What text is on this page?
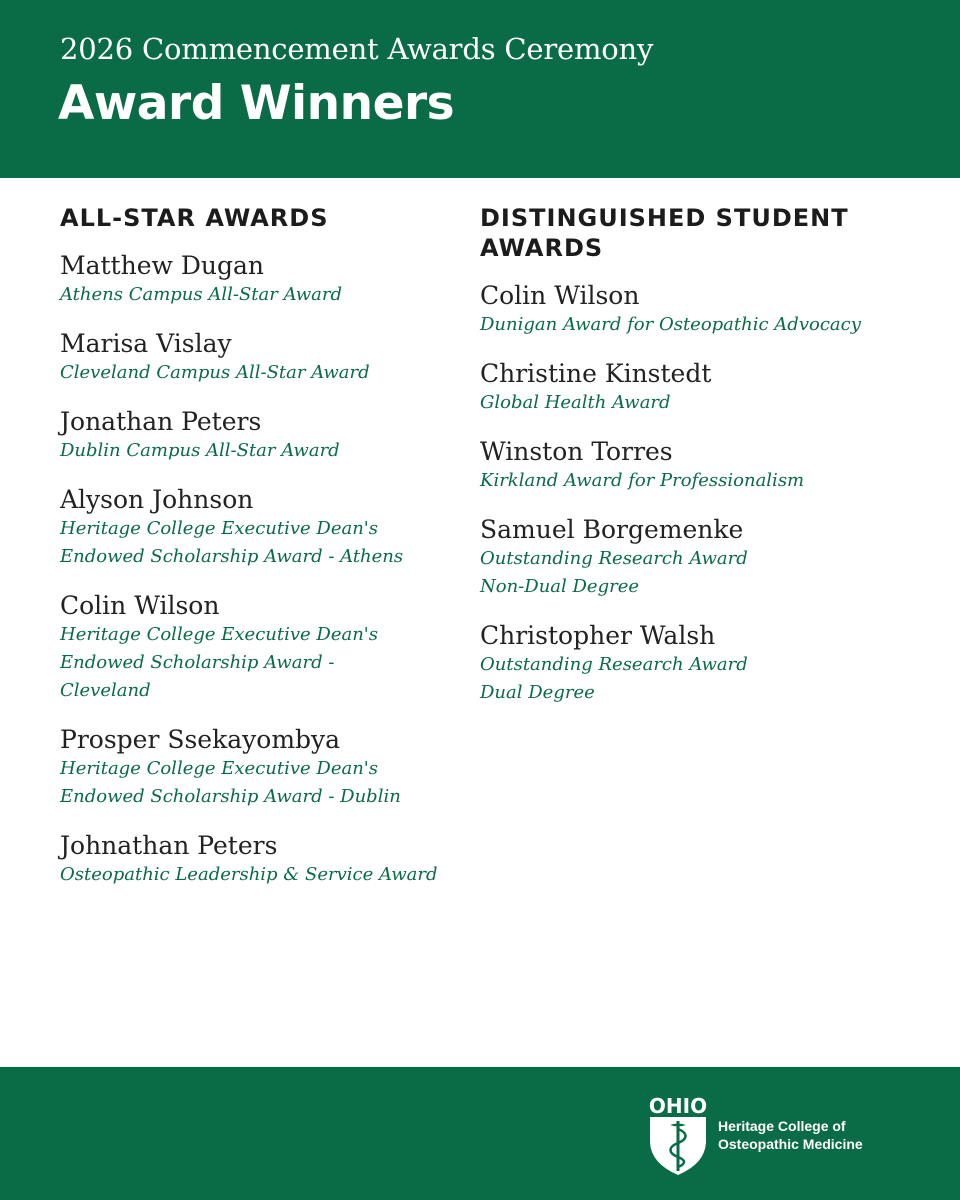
2026 Commencement Awards Ceremony
Award Winners
ALL-STAR AWARDS
Matthew Dugan
Athens Campus All-Star Award
Marisa Vislay
Cleveland Campus All-Star Award
Jonathan Peters
Dublin Campus All-Star Award
Alyson Johnson
Heritage College Executive Dean's
Endowed Scholarship Award - Athens
Colin Wilson
Heritage College Executive Dean's
Endowed Scholarship Award -
Cleveland
Prosper Ssekayombya
Heritage College Executive Dean's
Endowed Scholarship Award - Dublin
Johnathan Peters
Osteopathic Leadership & Service Award
DISTINGUISHED STUDENT
AWARDS
Colin Wilson
Dunigan Award for Osteopathic Advocacy
Christine Kinstedt
Global Health Award
Winston Torres
Kirkland Award for Professionalism
Samuel Borgemenke
Outstanding Research Award
Non-Dual Degree
Christopher Walsh
Outstanding Research Award
Dual Degree
OHIO
Heritage College of
Osteopathic Medicine
